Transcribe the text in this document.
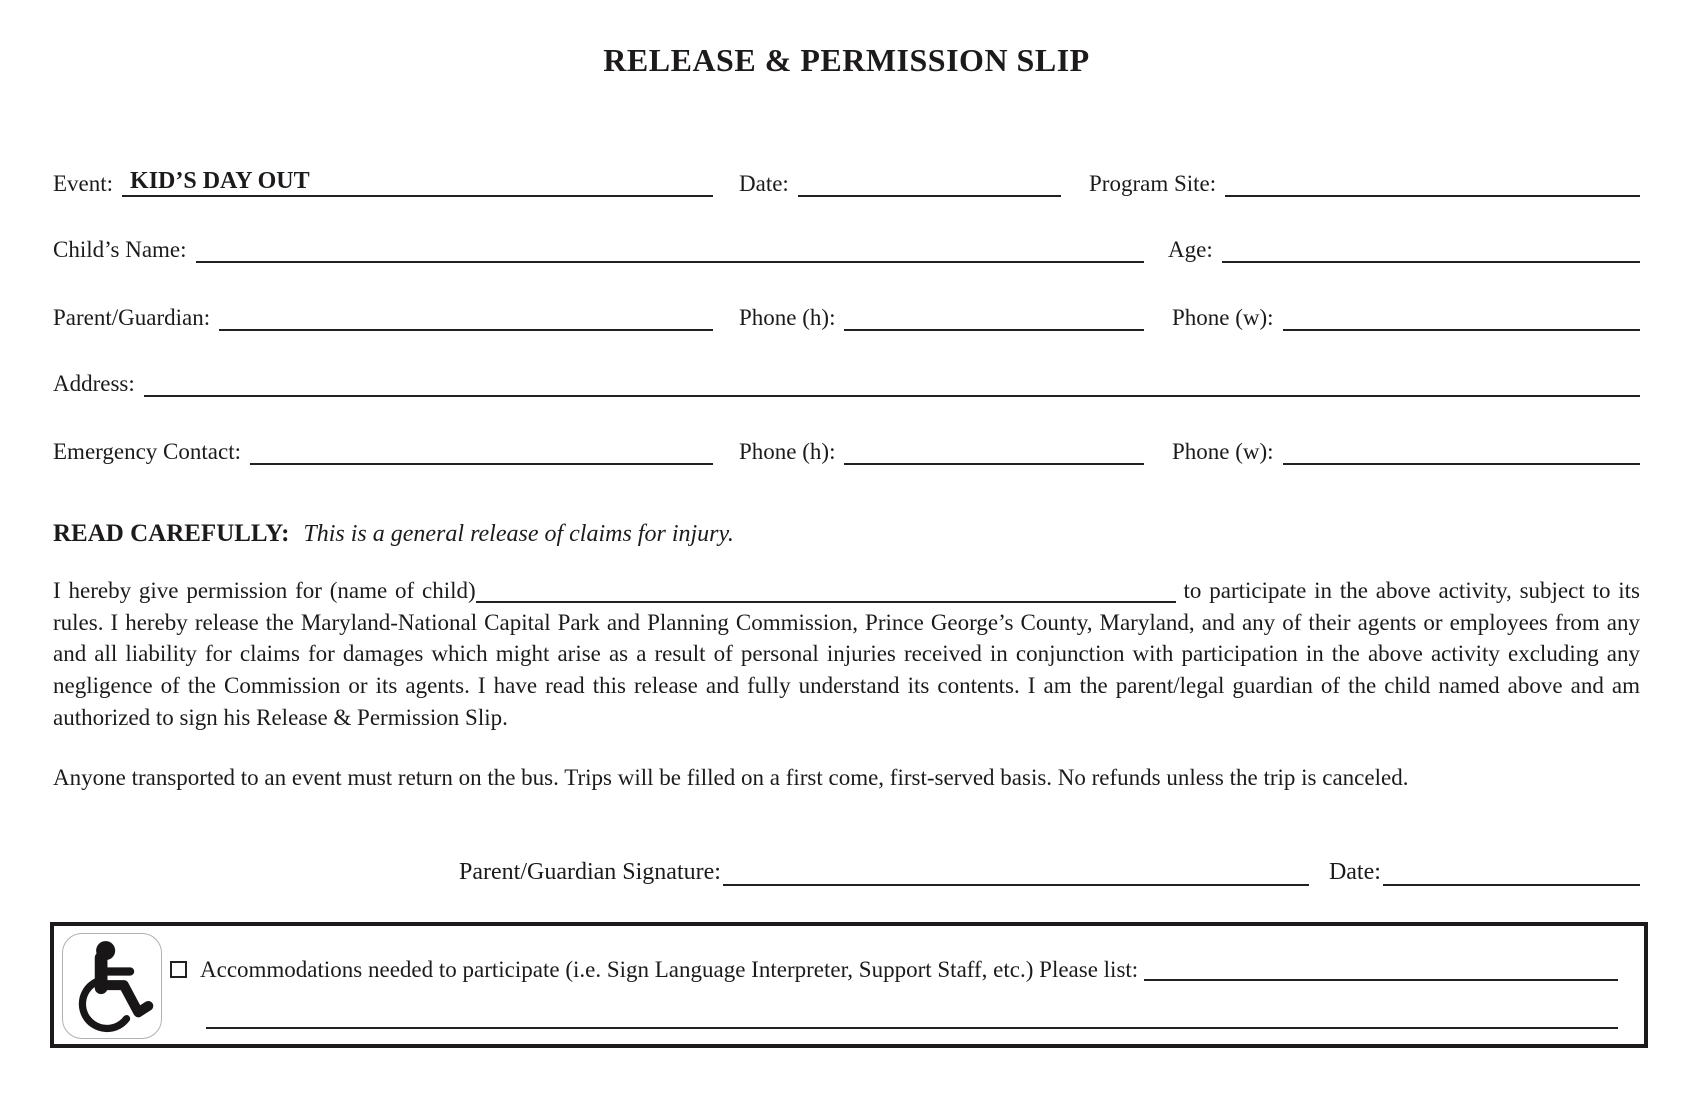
RELEASE & PERMISSION SLIP
Event: KID’S DAY OUT	Date:	Program Site:
Child’s Name:	Age:
Parent/Guardian:	Phone (h):	Phone (w):
Address:
Emergency Contact:	Phone (h):	Phone (w):
READ CAREFULLY: This is a general release of claims for injury.

I hereby give permission for (name of child)	to participate in the above activity, subject to its rules. I hereby release the Maryland-National Capital Park and Planning Commission, Prince George’s County, Maryland, and any of their agents or employees from any and all liability for claims for damages which might arise as a result of personal injuries received in conjunction with participation in the above activity excluding any negligence of the Commission or its agents. I have read this release and fully understand its contents. I am the parent/legal guardian of the child named above and am authorized to sign his Release & Permission Slip.

Anyone transported to an event must return on the bus. Trips will be filled on a first come, first-served basis. No refunds unless the trip is canceled.

Parent/Guardian Signature:	Date:
Accommodations needed to participate (i.e. Sign Language Interpreter, Support Staff, etc.) Please list:
